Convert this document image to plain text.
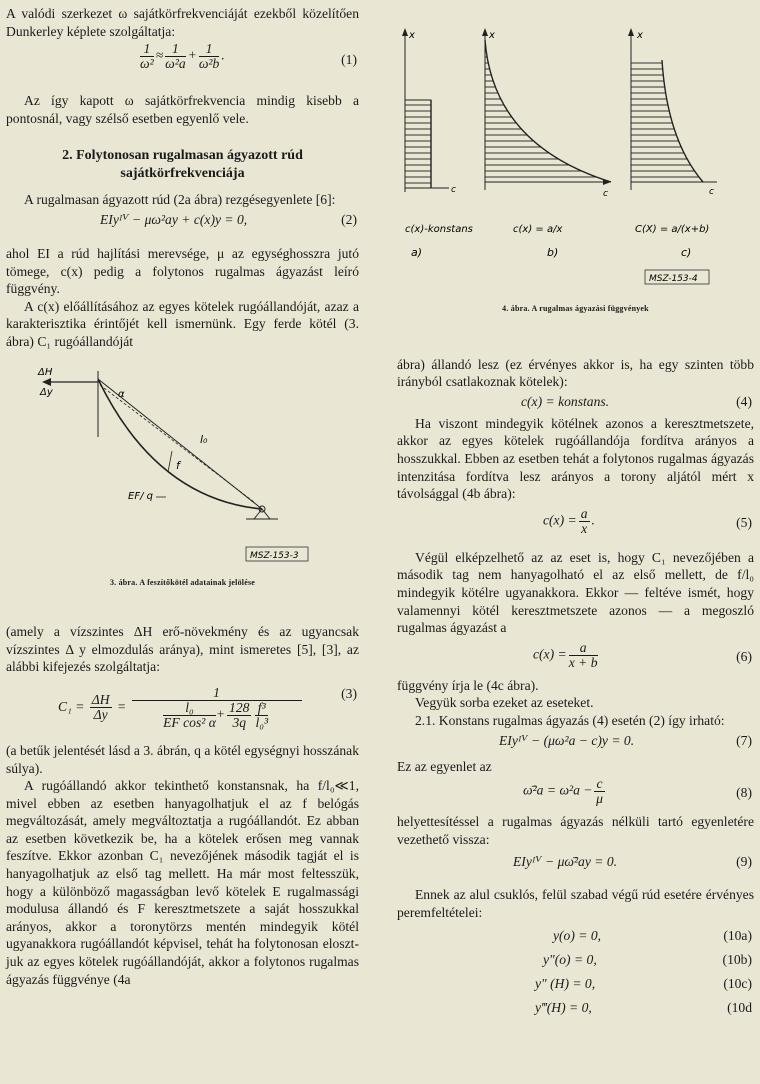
A valódi szerkezet ω sajátkörfrekvenciáját ezekből közelítően Dunkerley képlete szolgáltatja:

$\frac{1}{\text{ω²}} \approx \frac{1}{\text{ω²a}} + \frac{1}{\text{ω²b}}$ .	(1)

Az így kapott ω sajátkörfrekvencia mindig kisebb a pontosnál, vagy szélső esetben egyenlő vele.

2. Folytonosan rugalmasan ágyazott rúd

sajátkörfrekvenciája

A rugalmasan ágyazott rúd (2a ábra) rezgésegyenlete [6]:

EIyᴵⱽ − μω²ay + c(x)y = 0,	(2)

ahol EI a rúd hajlítási merevsége, μ az egységhosszra jutó tömege, c(x) pedig a folytonos rugalmas ágyazást leíró függvény.

A c(x) előállításához az egyes kötelek rugóállandóját, azaz a karakterisztika érintőjét kell ismernünk. Egy ferde kötél (3. ábra) C₁ rugóállandóját

ΔH
Δy	α
l₀
f
EF/ q
MSZ-153-3

3. ábra. A feszítőkötél adatainak jelölése

(amely a vízszintes ΔH erő-növekmény és az ugyancsak vízszintes Δ y elmozdulás aránya), mint ismeretes [5], [3], az alábbi kifejezés szolgáltatja:

$C_1 = \frac{\Delta H}{\Delta y} = \frac{1}{\frac{\text{l₀}}{\text{EF cos² α}} + \frac{128}{3q} \frac{\text{f³}}{\text{l₀³}}}$	(3)

(a betűk jelentését lásd a 3. ábrán, q a kötél egységnyi hosszának súlya).

A rugóállandó akkor tekinthető konstansnak, ha f/l₀≪1, mivel ebben az esetben hanyagolhatjuk el az f belógás megváltozását, amely megváltoztatja a rugóállandót. Ez abban az esetben következik be, ha a kötelek erősen meg vannak feszítve. Ekkor azonban C₁ nevezőjének második tagját el is hanyagolhatjuk az első tag mellett. Ha már most feltesszük, hogy a különböző magasságban levő kötelek E rugalmassági modulusa állandó és F keresztmetszete a saját hosszukkal arányos, akkor a toronytörzs mentén mindegyik kötél ugyanakkora rugóállandót képvisel, tehát ha folytonosan elosztjuk az egyes kötelek rugóállandóját, akkor a folytonos rugalmas ágyazás függvénye (4a

x
c
c(x)-konstans
a)
x
c
c(x) = a/x
b)
x
c
C(X) = a/(x+b)
c)
MSZ-153-4

4. ábra. A rugalmas ágyazási függvények

ábra) állandó lesz (ez érvényes akkor is, ha egy szinten több irányból csatlakoznak kötelek):

c(x) = konstans.	(4)

Ha viszont mindegyik kötélnek azonos a keresztmetszete, akkor az egyes kötelek rugóállandója fordítva arányos a hosszukkal. Ebben az esetben tehát a folytonos rugalmas ágyazás intenzitása fordítva lesz arányos a torony aljától mért x távolsággal (4b ábra):

$c(x) = \frac{a}{x}$ .	(5)

Végül elképzelhető az az eset is, hogy C₁ nevezőjében a második tag nem hanyagolható el az első mellett, de f/l₀ mindegyik kötélre ugyanakkora. Ekkor — feltéve ismét, hogy valamennyi kötél keresztmetszete azonos — a megoszló rugalmas ágyazást a

$c(x) = \frac{a}{x + b}$	(6)

függvény írja le (4c ábra).

Vegyük sorba ezeket az eseteket.

2.1. Konstans rugalmas ágyazás (4) esetén (2) így irható:

EIyᴵⱽ − (μω²a − c)y = 0.	(7)

Ez az egyenlet az

ω̄²a = $\omega^2a - \frac{c}{\mu}$	(8)

helyettesítéssel a rugalmas ágyazás nélküli tartó egyenletére vezethető vissza:

EIyᴵⱽ − μω̄²ay = 0.	(9)

Ennek az alul csuklós, felül szabad végű rúd esetére érvényes peremfeltételei:

y(o) = 0,	(10a)
y″(o) = 0,	(10b)
y″ (H) = 0,	(10c)
y‴(H) = 0,	(10d
